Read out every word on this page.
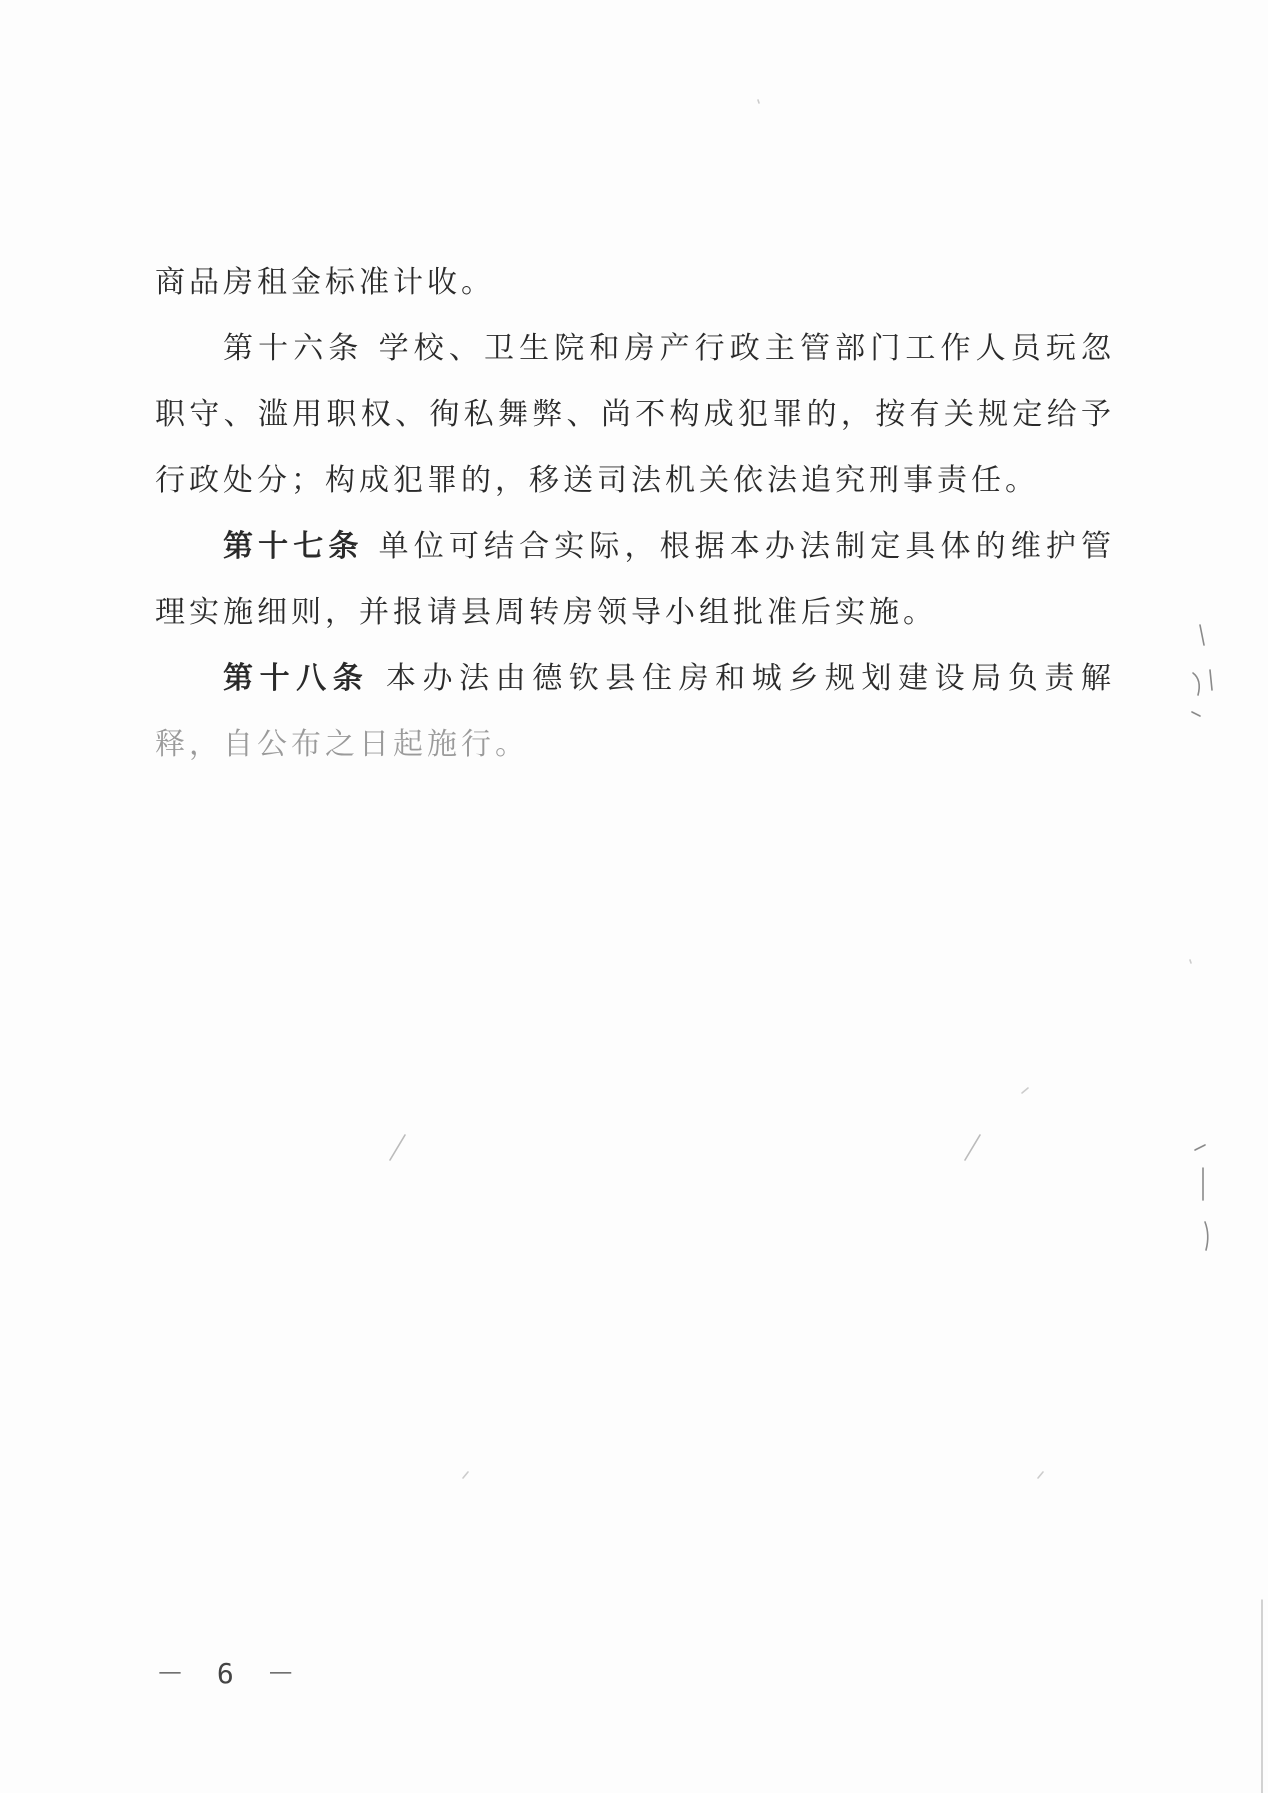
商品房租金标准计收。

第十六条 学校、卫生院和房产行政主管部门工作人员玩忽职守、滥用职权、徇私舞弊、尚不构成犯罪的，按有关规定给予行政处分；构成犯罪的，移送司法机关依法追究刑事责任。

第十七条 单位可结合实际，根据本办法制定具体的维护管理实施细则，并报请县周转房领导小组批准后实施。

第十八条 本办法由德钦县住房和城乡规划建设局负责解释，自公布之日起施行。

－ 6 －
